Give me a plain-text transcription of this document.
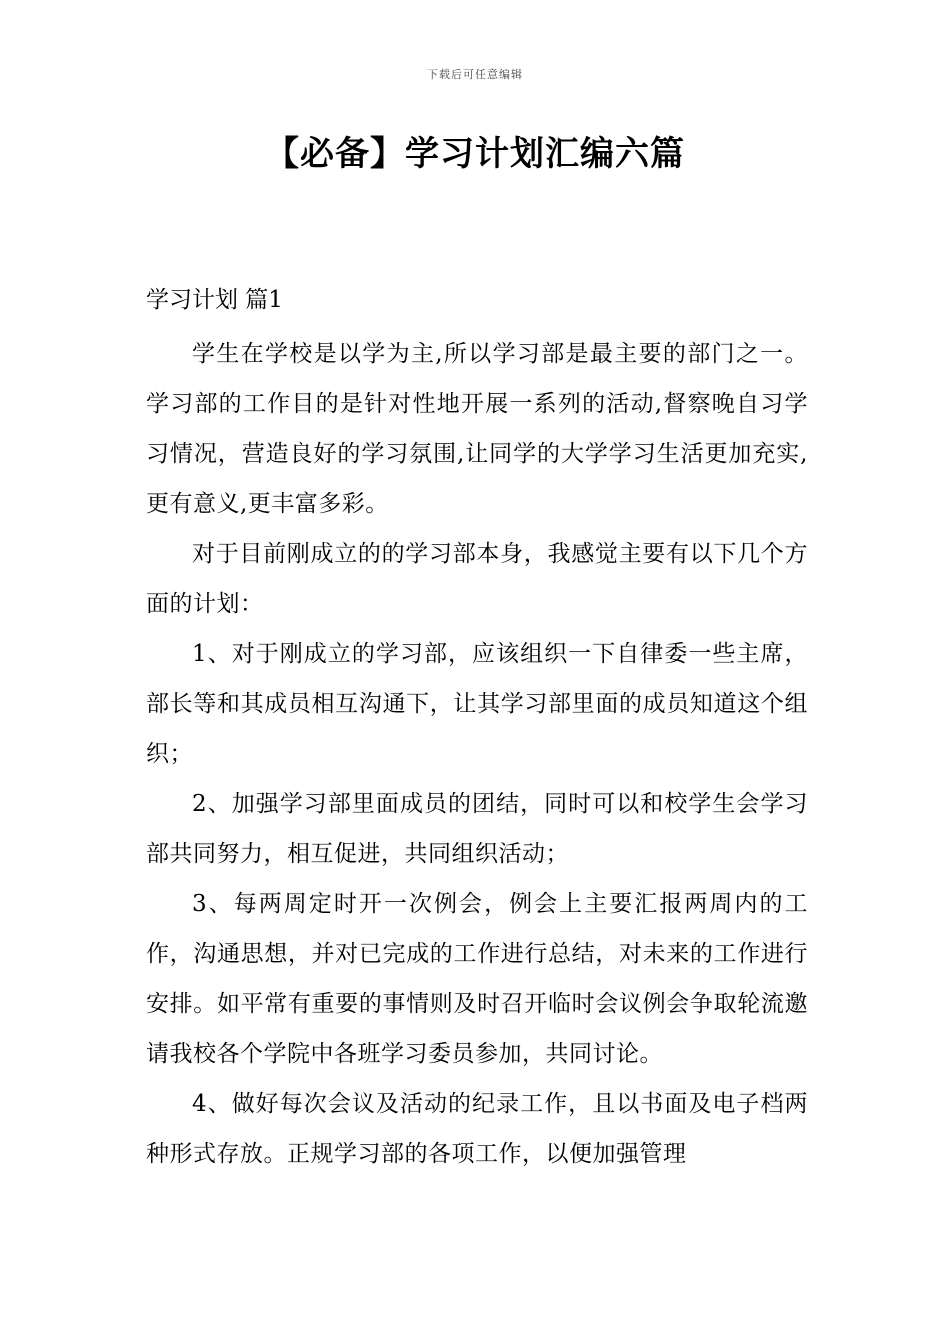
下载后可任意编辑
【必备】学习计划汇编六篇

学习计划 篇1

学生在学校是以学为主,所以学习部是最主要的部门之一。学习部的工作目的是针对性地开展一系列的活动,督察晚自习学习情况，营造良好的学习氛围,让同学的大学学习生活更加充实,更有意义,更丰富多彩。

对于目前刚成立的的学习部本身，我感觉主要有以下几个方面的计划：

1、对于刚成立的学习部，应该组织一下自律委一些主席，部长等和其成员相互沟通下，让其学习部里面的成员知道这个组织；

2、加强学习部里面成员的团结，同时可以和校学生会学习部共同努力，相互促进，共同组织活动；

3、每两周定时开一次例会，例会上主要汇报两周内的工作，沟通思想，并对已完成的工作进行总结，对未来的工作进行安排。如平常有重要的事情则及时召开临时会议例会争取轮流邀请我校各个学院中各班学习委员参加，共同讨论。

4、做好每次会议及活动的纪录工作，且以书面及电子档两种形式存放。正规学习部的各项工作，以便加强管理
